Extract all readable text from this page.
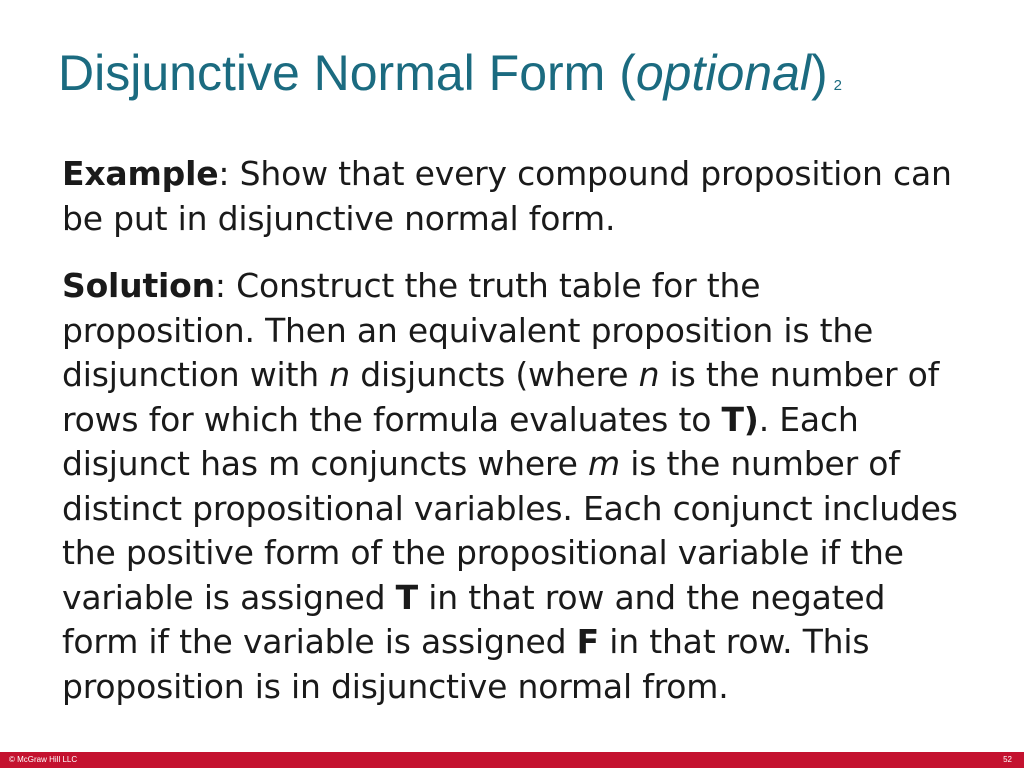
Disjunctive Normal Form (optional) 2

Example: Show that every compound proposition can be put in disjunctive normal form.

Solution: Construct the truth table for the proposition. Then an equivalent proposition is the disjunction with n disjuncts (where n is the number of rows for which the formula evaluates to T). Each disjunct has m conjuncts where m is the number of distinct propositional variables. Each conjunct includes the positive form of the propositional variable if the variable is assigned T in that row and the negated form if the variable is assigned F in that row. This proposition is in disjunctive normal from.

© McGraw Hill LLC	52
